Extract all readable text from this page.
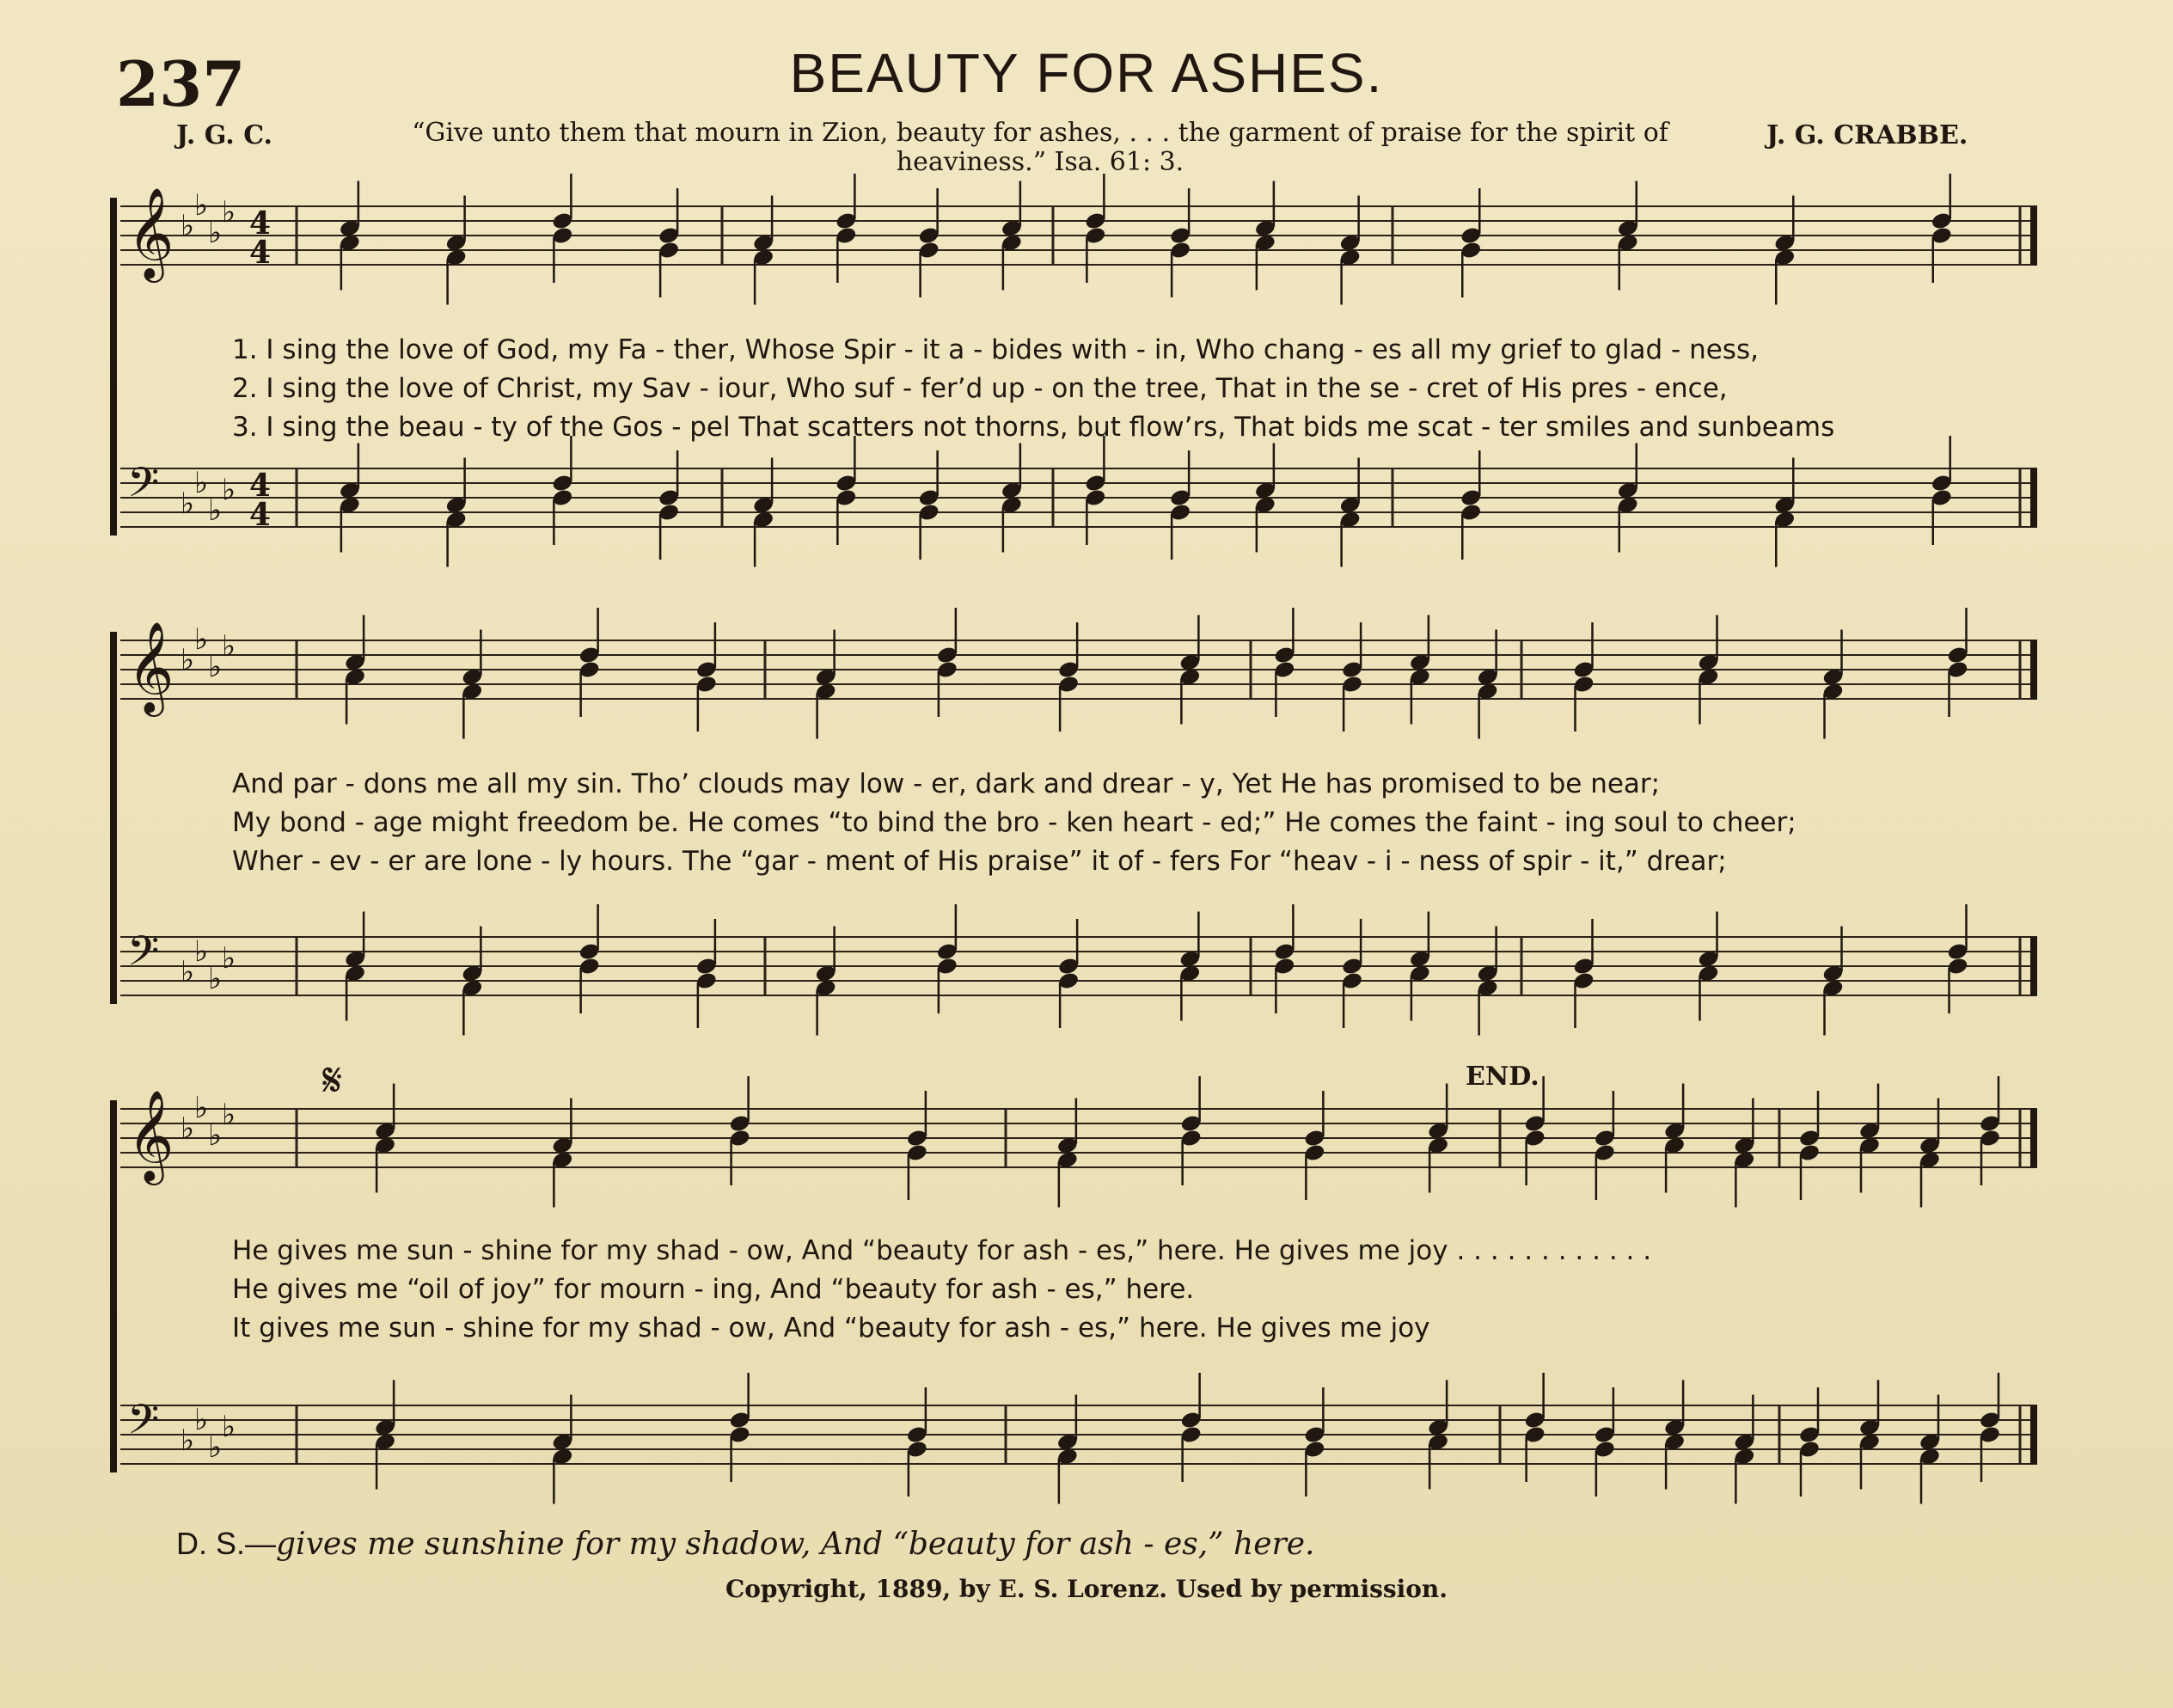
237	BEAUTY FOR ASHES.
J. G. C.	“Give unto them that mourn in Zion, beauty for ashes, . . . the garment of praise for the spirit of heaviness.” Isa. 61: 3.
J. G. CRABBE.
𝄞 ♭
♭
♭
♭ 4
4
𝄢 ♭
♭
♭
♭ 4
4
1. I sing the love of God, my Fa - ther, Whose Spir - it a - bides with - in, Who chang - es all my grief to glad - ness,
2. I sing the love of Christ, my Sav - iour, Who suf - fer’d up - on the tree, That in the se - cret of His pres - ence,
3. I sing the beau - ty of the Gos - pel That scatters not thorns, but flow’rs, That bids me scat - ter smiles and sunbeams
𝄞 ♭
♭
♭
♭
𝄢 ♭
♭
♭
♭
And par - dons me all my sin. Tho’ clouds may low - er, dark and drear - y, Yet He has promised to be near;
My bond - age might freedom be. He comes “to bind the bro - ken heart - ed;” He comes the faint - ing soul to cheer;
Wher - ev - er are lone - ly hours. The “gar - ment of His praise” it of - fers For “heav - i - ness of spir - it,” drear;
𝄋	END.
𝄞 ♭
♭
♭
♭
𝄢 ♭
♭
♭
♭
He gives me sun - shine for my shad - ow, And “beauty for ash - es,” here. He gives me joy . . . . . . . . . . . .
He gives me “oil of joy” for mourn - ing, And “beauty for ash - es,” here.
It gives me sun - shine for my shad - ow, And “beauty for ash - es,” here. He gives me joy
D. S.—gives me sunshine for my shadow, And “beauty for ash - es,” here.
Copyright, 1889, by E. S. Lorenz. Used by permission.
